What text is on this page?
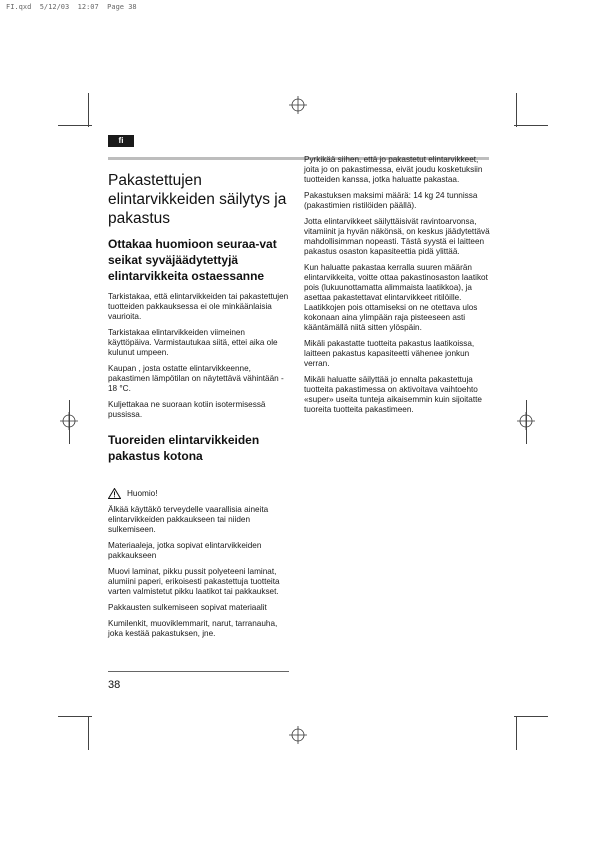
FI.qxd  5/12/03  12:07  Page 38
fi
Pakastettujen elintarvikkeiden säilytys ja pakastus
Ottakaa huomioon seuraa-vat seikat syväjäädytettyjä elintarvikkeita ostaessanne

Tarkistakaa, että elintarvikkeiden tai pakastettujen tuotteiden pakkauksessa ei ole minkäänlaisia vaurioita.

Tarkistakaa elintarvikkeiden viimeinen käyttöpäiva. Varmistautukaa siitä, ettei aika ole kulunut umpeen.

Kaupan , josta ostatte elintarvikkeenne, pakastimen lämpötilan on näytettävä vähintään - 18 °C.

Kuljettakaa ne suoraan kotiin isotermisessä pussissa.

Tuoreiden elintarvikkeiden pakastus kotona
Huomio!

Älkää käyttäkö terveydelle vaarallisia aineita elintarvikkeiden pakkaukseen tai niiden sulkemiseen.

Materiaaleja, jotka sopivat elintarvikkeiden pakkaukseen

Muovi laminat, pikku pussit polyeteeni laminat, alumiini paperi, erikoisesti pakastettuja tuotteita varten valmistetut pikku laatikot tai pakkaukset.

Pakkausten sulkemiseen sopivat materiaalit

Kumilenkit, muoviklemmarit, narut, tarranauha, joka kestää pakastuksen, jne.

38

Pyrkikää siihen, että jo pakastetut elintarvikkeet, joita jo on pakastimessa, eivät joudu kosketuksiin tuotteiden kanssa, jotka haluatte pakastaa.

Pakastuksen maksimi määrä: 14 kg 24 tunnissa (pakastimien ristilöiden päällä).

Jotta elintarvikkeet säilyttäisivät ravintoarvonsa, vitamiinit ja hyvän näkönsä, on keskus jäädytettävä mahdollisimman nopeasti. Tästä syystä ei laitteen pakastus osaston kapasiteettia pidä ylittää.

Kun haluatte pakastaa kerralla suuren määrän elintarvikkeita, voitte ottaa pakastinosaston laatikot pois (lukuunottamatta alimmaista laatikkoa), ja asettaa pakastettavat elintarvikkeet ritilöille. Laatikkojen pois ottamiseksi on ne otettava ulos kokonaan aina ylimpään raja pisteeseen asti kääntämällä niitä sitten ylöspäin.

Mikäli pakastatte tuotteita pakastus laatikoissa, laitteen pakastus kapasiteetti vähenee jonkun verran.

Mikäli haluatte säilyttää jo ennalta pakastettuja tuotteita pakastimessa on aktivoitava vaihtoehto «super» useita tunteja aikaisemmin kuin sijoitatte tuoreita tuotteita pakastimeen.
